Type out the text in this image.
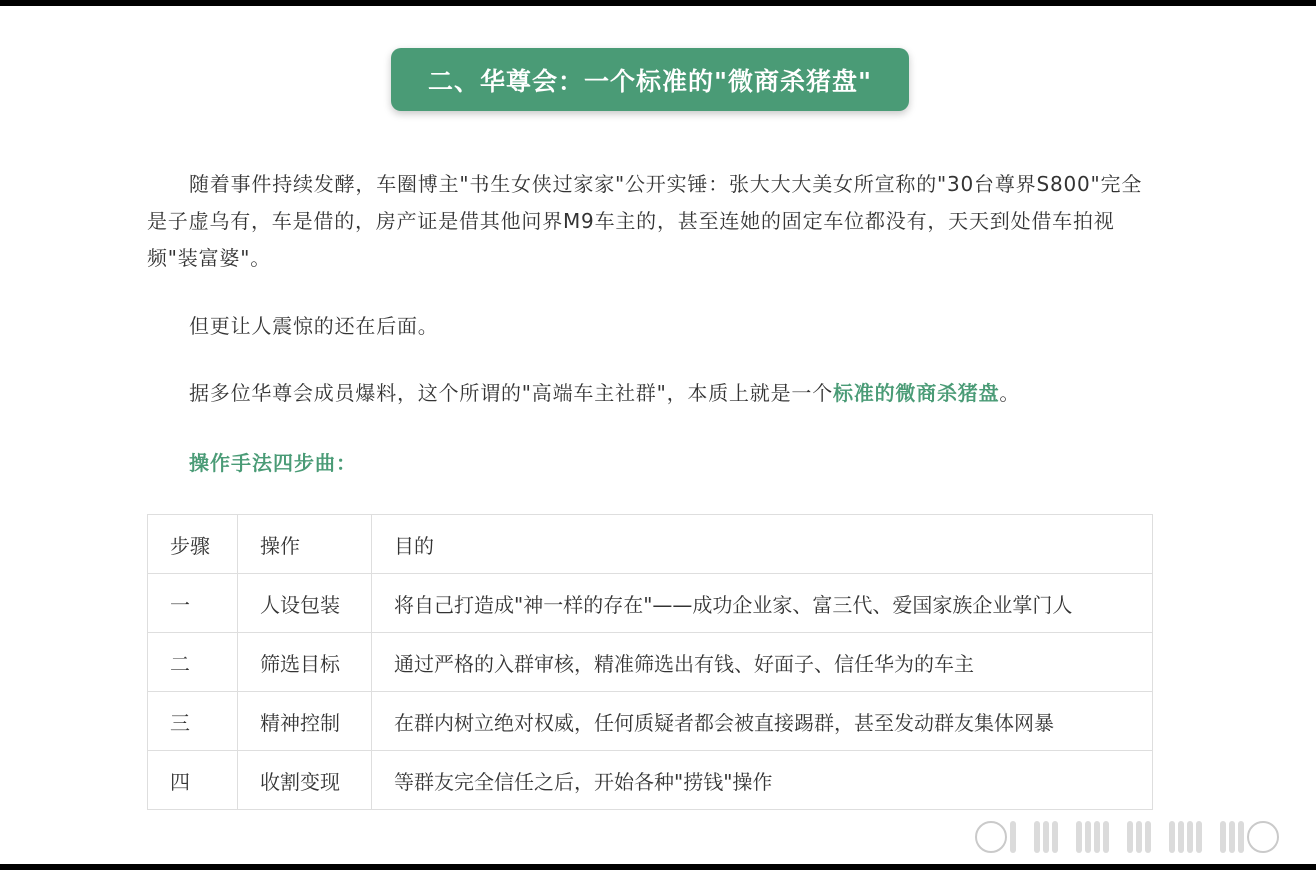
二、华尊会：一个标准的"微商杀猪盘"
随着事件持续发酵，车圈博主"书生女侠过家家"公开实锤：张大大大美女所宣称的"30台尊界S800"完全是子虚乌有，车是借的，房产证是借其他问界M9车主的，甚至连她的固定车位都没有，天天到处借车拍视频"装富婆"。
但更让人震惊的还在后面。
据多位华尊会成员爆料，这个所谓的"高端车主社群"，本质上就是一个标准的微商杀猪盘。
操作手法四步曲：
步骤	操作	目的
一	人设包装	将自己打造成"神一样的存在"——成功企业家、富三代、爱国家族企业掌门人
二	筛选目标	通过严格的入群审核，精准筛选出有钱、好面子、信任华为的车主
三	精神控制	在群内树立绝对权威，任何质疑者都会被直接踢群，甚至发动群友集体网暴
四	收割变现	等群友完全信任之后，开始各种"捞钱"操作
